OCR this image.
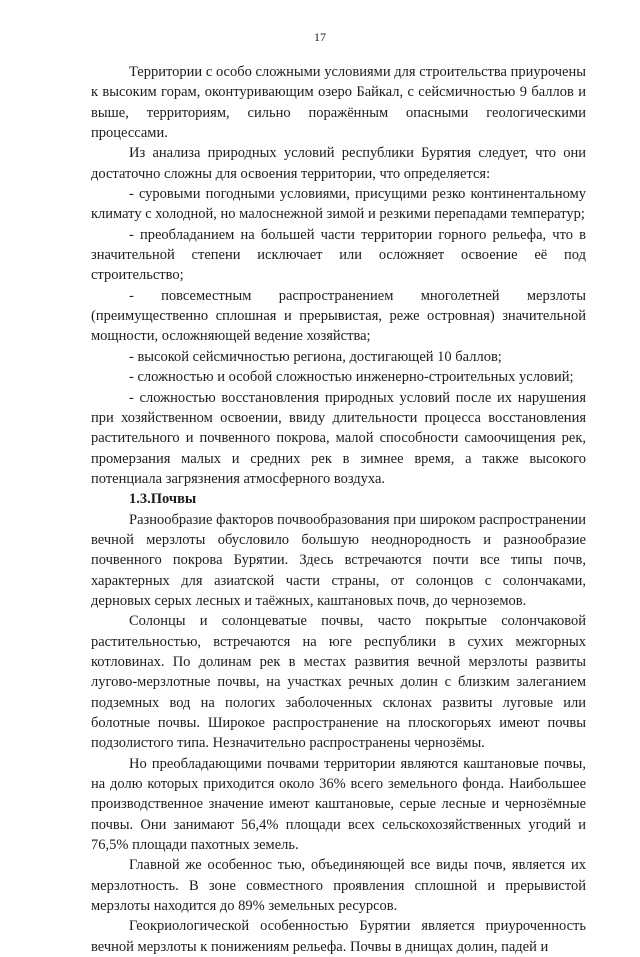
17

Территории с особо сложными условиями для строительства приурочены к высоким горам, оконтуривающим озеро Байкал, с сейсмичностью 9 баллов и выше, территориям, сильно поражённым опасными геологическими процессами.

Из анализа природных условий республики Бурятия следует, что они достаточно сложны для освоения территории, что определяется:

- суровыми погодными условиями, присущими резко континентальному климату с холодной, но малоснежной зимой и резкими перепадами температур;

- преобладанием на большей части территории горного рельефа, что в значительной степени исключает или осложняет освоение её под строительство;

- повсеместным распространением многолетней мерзлоты (преимущественно сплошная и прерывистая, реже островная) значительной мощности, осложняющей ведение хозяйства;

- высокой сейсмичностью региона, достигающей 10 баллов;

- сложностью и особой сложностью инженерно-строительных условий;

- сложностью восстановления природных условий после их нарушения при хозяйственном освоении, ввиду длительности процесса восстановления растительного и почвенного покрова, малой способности самоочищения рек, промерзания малых и средних рек в зимнее время, а также высокого потенциала загрязнения атмосферного воздуха.

1.3.Почвы

Разнообразие факторов почвообразования при широком распространении вечной мерзлоты обусловило большую неоднородность и разнообразие почвенного покрова Бурятии. Здесь встречаются почти все типы почв, характерных для азиатской части страны, от солонцов с солончаками, дерновых серых лесных и таёжных, каштановых почв, до черноземов.

Солонцы и солонцеватые почвы, часто покрытые солончаковой растительностью, встречаются на юге республики в сухих межгорных котловинах. По долинам рек в местах развития вечной мерзлоты развиты лугово-мерзлотные почвы, на участках речных долин с близким залеганием подземных вод на пологих заболоченных склонах развиты луговые или болотные почвы. Широкое распространение на плоскогорьях имеют почвы подзолистого типа. Незначительно распространены чернозёмы.

Но преобладающими почвами территории являются каштановые почвы, на долю которых приходится около 36% всего земельного фонда. Наибольшее производственное значение имеют каштановые, серые лесные и чернозёмные почвы. Они занимают 56,4% площади всех сельскохозяйственных угодий и 76,5% площади пахотных земель.

Главной же особеннос тью, объединяющей все виды почв, является их мерзлотность. В зоне совместного проявления сплошной и прерывистой мерзлоты находится до 89% земельных ресурсов.

Геокриологической особенностью Бурятии является приуроченность вечной мерзлоты к понижениям рельефа. Почвы в днищах долин, падей и
